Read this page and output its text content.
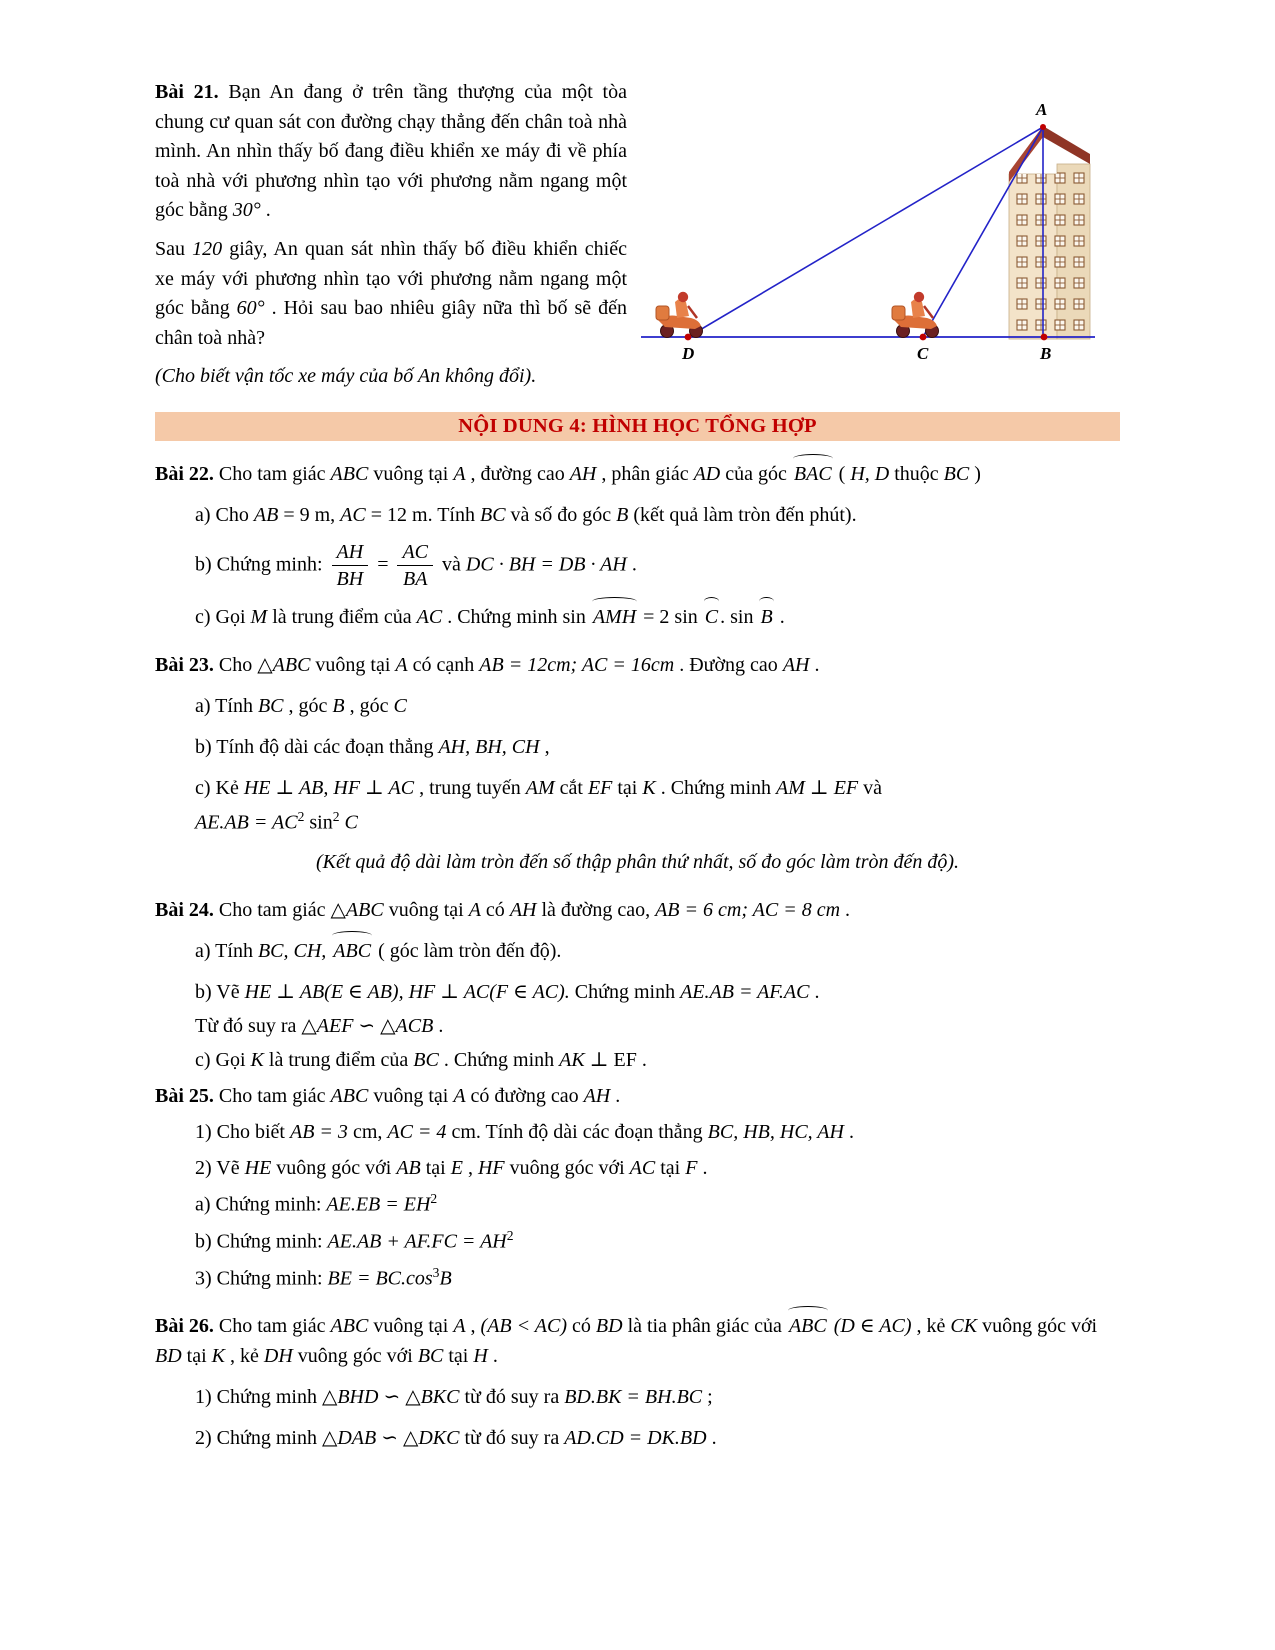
Bài 21. Bạn An đang ở trên tầng thượng của một tòa chung cư quan sát con đường chạy thẳng đến chân toà nhà mình. An nhìn thấy bố đang điều khiển xe máy đi về phía toà nhà với phương nhìn tạo với phương nằm ngang một góc bằng 30° .

Sau 120 giây, An quan sát nhìn thấy bố điều khiển chiếc xe máy với phương nhìn tạo với phương nằm ngang một góc bằng 60° . Hỏi sau bao nhiêu giây nữa thì bố sẽ đến chân toà nhà?

(Cho biết vận tốc xe máy của bố An không đổi).

A
D	C	B
NỘI DUNG 4: HÌNH HỌC TỔNG HỢP

Bài 22. Cho tam giác ABC vuông tại A , đường cao AH , phân giác AD của góc BAC ( H, D thuộc BC )

a) Cho AB = 9 m, AC = 12 m. Tính BC và số đo góc B (kết quả làm tròn đến phút).

b) Chứng minh: $\frac{AH}{BH} = \frac{AC}{BA}$ và DC · BH = DB · AH .

c) Gọi M là trung điểm của AC . Chứng minh sin AMH = 2 sin C . sin B .

Bài 23. Cho △ABC vuông tại A có cạnh AB = 12cm; AC = 16cm . Đường cao AH .

a) Tính BC , góc B , góc C

b) Tính độ dài các đoạn thẳng AH, BH, CH ,

c) Kẻ HE ⊥ AB, HF ⊥ AC , trung tuyến AM cắt EF tại K . Chứng minh AM ⊥ EF và

$AE.AB = AC^2$ $\sin^2 C$

(Kết quả độ dài làm tròn đến số thập phân thứ nhất, số đo góc làm tròn đến độ).

Bài 24. Cho tam giác △ABC vuông tại A có AH là đường cao, AB = 6 cm; AC = 8 cm .

a) Tính BC, CH, ABC ( góc làm tròn đến độ).

b) Vẽ HE ⊥ AB(E ∈ AB), HF ⊥ AC(F ∈ AC). Chứng minh AE.AB = AF.AC .

Từ đó suy ra △AEF ∽ △ACB .

c) Gọi K là trung điểm của BC . Chứng minh AK ⊥ EF .

Bài 25. Cho tam giác ABC vuông tại A có đường cao AH .

1) Cho biết AB = 3 cm, AC = 4 cm. Tính độ dài các đoạn thẳng BC, HB, HC, AH .

2) Vẽ HE vuông góc với AB tại E , HF vuông góc với AC tại F .

a) Chứng minh: $AE.EB = EH^2$

b) Chứng minh: $AE.AB + AF.FC = AH^2$

3) Chứng minh: BE = $BC.\cos^3B$

Bài 26. Cho tam giác ABC vuông tại A , (AB < AC) có BD là tia phân giác của ABC (D ∈ AC) , kẻ CK vuông góc với BD tại K , kẻ DH vuông góc với BC tại H .

1) Chứng minh △BHD ∽ △BKC từ đó suy ra BD.BK = BH.BC ;

2) Chứng minh △DAB ∽ △DKC từ đó suy ra AD.CD = DK.BD .
